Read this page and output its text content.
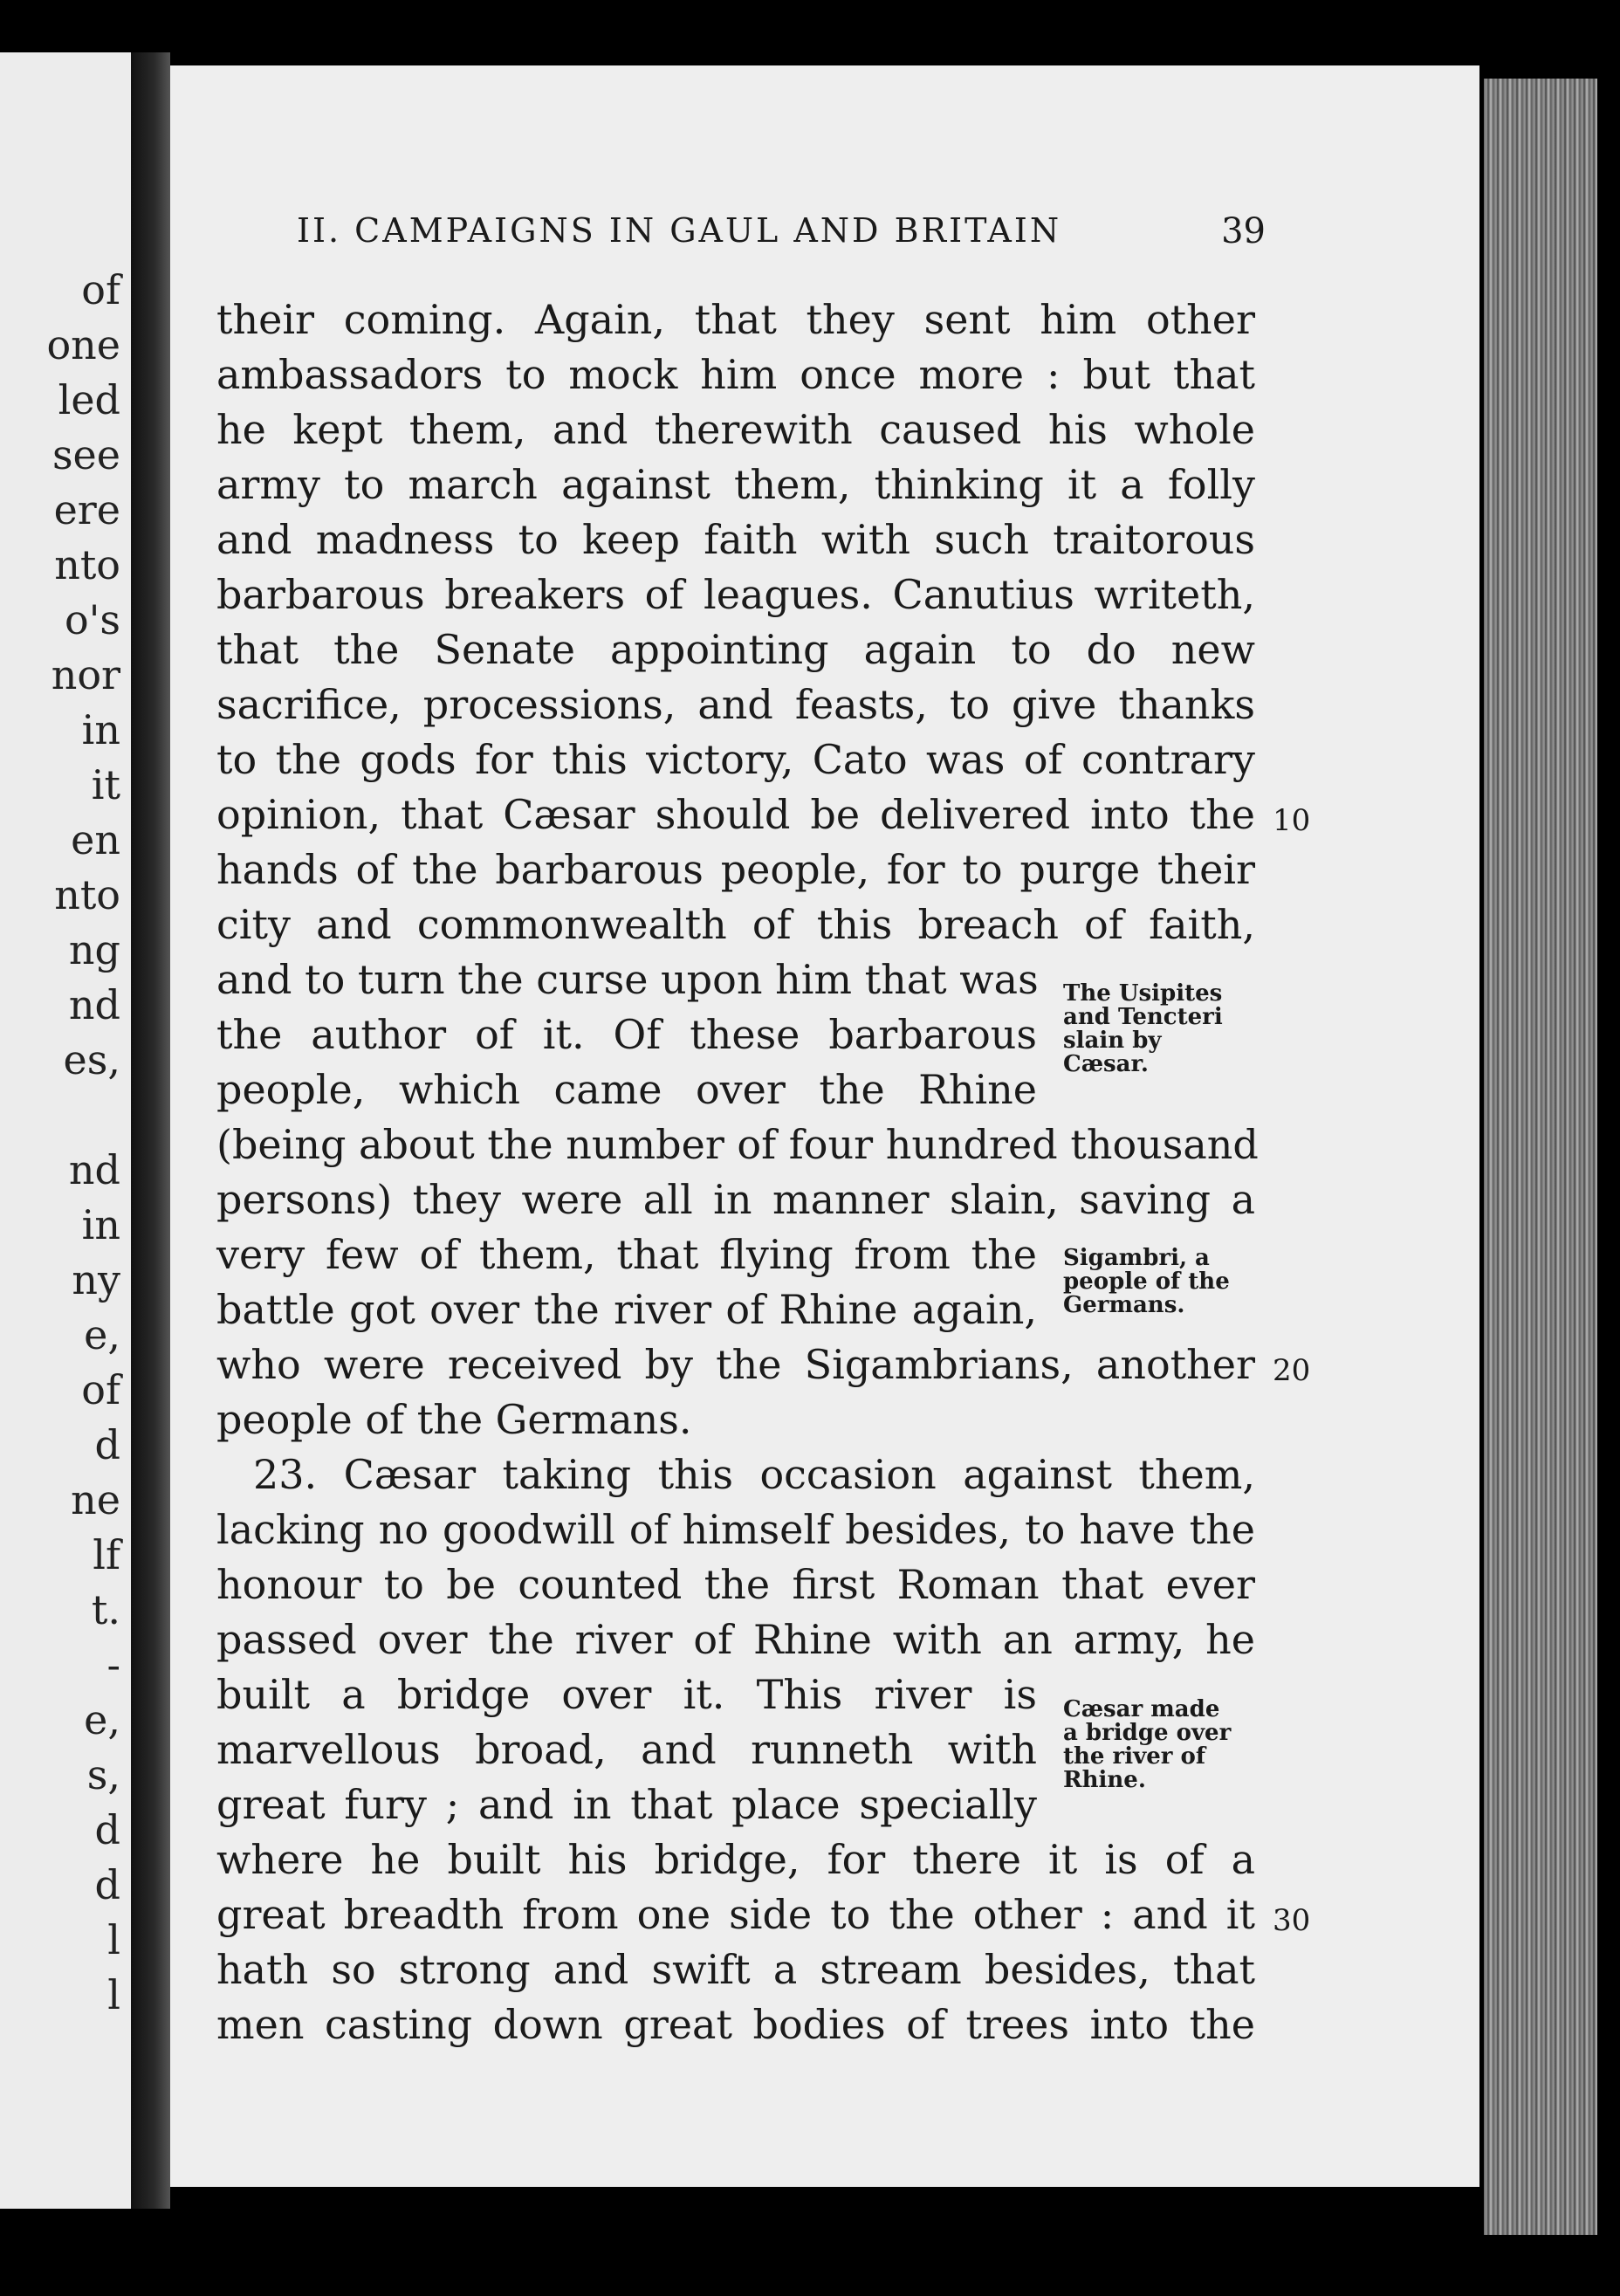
of
one
led
see
ere
nto
o's
nor
in
it
en
nto
ng
nd
es,
nd
in
ny
e,
of
d
ne
lf
t.
-
e,
s,
d
d
l
l
II. CAMPAIGNS IN GAUL AND BRITAIN	39
their coming. Again, that they sent him other
ambassadors to mock him once more : but that
he kept them, and therewith caused his whole
army to march against them, thinking it a folly
and madness to keep faith with such traitorous
barbarous breakers of leagues. Canutius writeth,
that the Senate appointing again to do new
sacrifice, processions, and feasts, to give thanks
to the gods for this victory, Cato was of contrary
opinion, that Cæsar should be delivered into the
hands of the barbarous people, for to purge their
city and commonwealth of this breach of faith,
and to turn the curse upon him that was
the author of it. Of these barbarous
people, which came over the Rhine
(being about the number of four hundred thousand
persons) they were all in manner slain, saving a
very few of them, that flying from the
battle got over the river of Rhine again,
who were received by the Sigambrians, another
people of the Germans.
23. Cæsar taking this occasion against them,
lacking no goodwill of himself besides, to have the
honour to be counted the first Roman that ever
passed over the river of Rhine with an army, he
built a bridge over it. This river is
marvellous broad, and runneth with
great fury ; and in that place specially
where he built his bridge, for there it is of a
great breadth from one side to the other : and it
hath so strong and swift a stream besides, that
men casting down great bodies of trees into the
10
20
30
The Usipites
and Tencteri
slain by
Cæsar.
Sigambri, a
people of the
Germans.
Cæsar made
a bridge over
the river of
Rhine.
